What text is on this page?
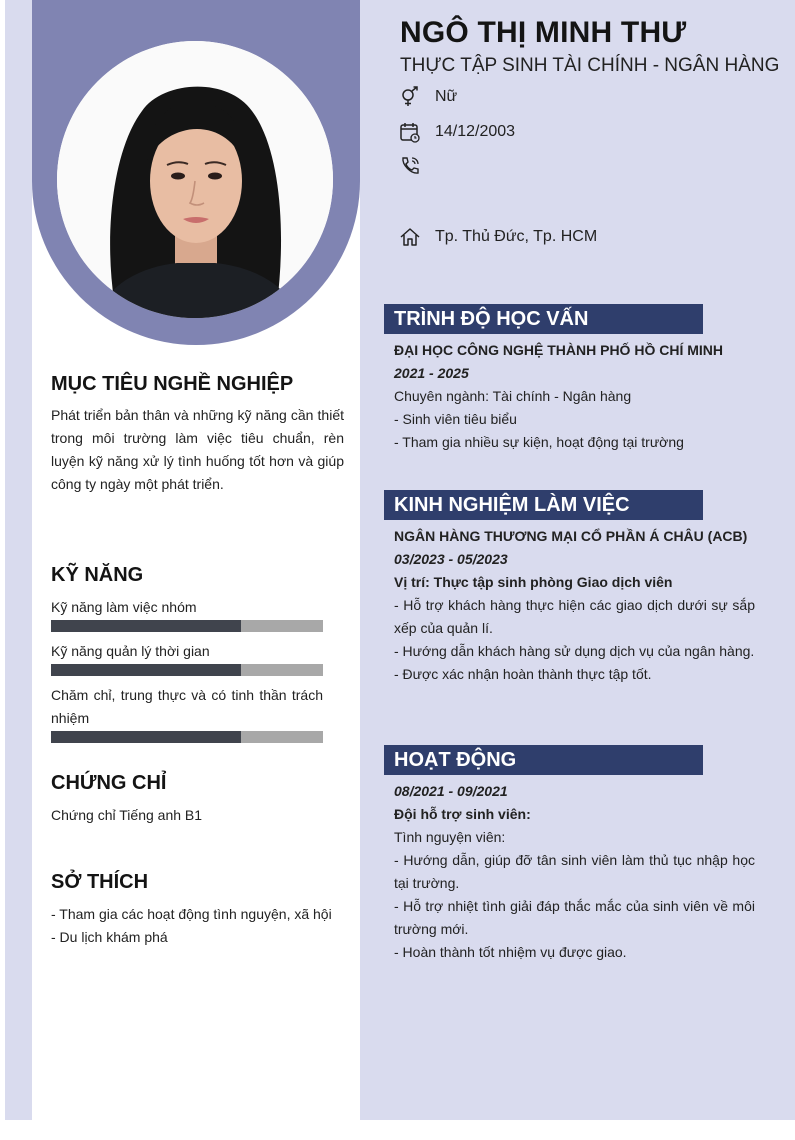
NGÔ THỊ MINH THƯ
THỰC TẬP SINH TÀI CHÍNH - NGÂN HÀNG
Nữ
14/12/2003
Tp. Thủ Đức, Tp. HCM
MỤC TIÊU NGHỀ NGHIỆP
Phát triển bản thân và những kỹ năng cần thiết trong môi trường làm việc tiêu chuẩn, rèn luyện kỹ năng xử lý tình huống tốt hơn và giúp công ty ngày một phát triển.
KỸ NĂNG
Kỹ năng làm việc nhóm
Kỹ năng quản lý thời gian
Chăm chỉ, trung thực và có tinh thần trách nhiệm
CHỨNG CHỈ
Chứng chỉ Tiếng anh B1
SỞ THÍCH
- Tham gia các hoạt động tình nguyện, xã hội
- Du lịch khám phá
TRÌNH ĐỘ HỌC VẤN
ĐẠI HỌC CÔNG NGHỆ THÀNH PHỐ HỒ CHÍ MINH
2021 - 2025
Chuyên ngành: Tài chính - Ngân hàng
- Sinh viên tiêu biểu
- Tham gia nhiều sự kiện, hoạt động tại trường
KINH NGHIỆM LÀM VIỆC
NGÂN HÀNG THƯƠNG MẠI CỔ PHẦN Á CHÂU (ACB)
03/2023 - 05/2023
Vị trí: Thực tập sinh phòng Giao dịch viên
- Hỗ trợ khách hàng thực hiện các giao dịch dưới sự sắp xếp của quản lí.
- Hướng dẫn khách hàng sử dụng dịch vụ của ngân hàng.
- Được xác nhận hoàn thành thực tập tốt.
HOẠT ĐỘNG
08/2021 - 09/2021
Đội hỗ trợ sinh viên:
Tình nguyện viên:
- Hướng dẫn, giúp đỡ tân sinh viên làm thủ tục nhập học tại trường.
- Hỗ trợ nhiệt tình giải đáp thắc mắc của sinh viên về môi trường mới.
- Hoàn thành tốt nhiệm vụ được giao.
